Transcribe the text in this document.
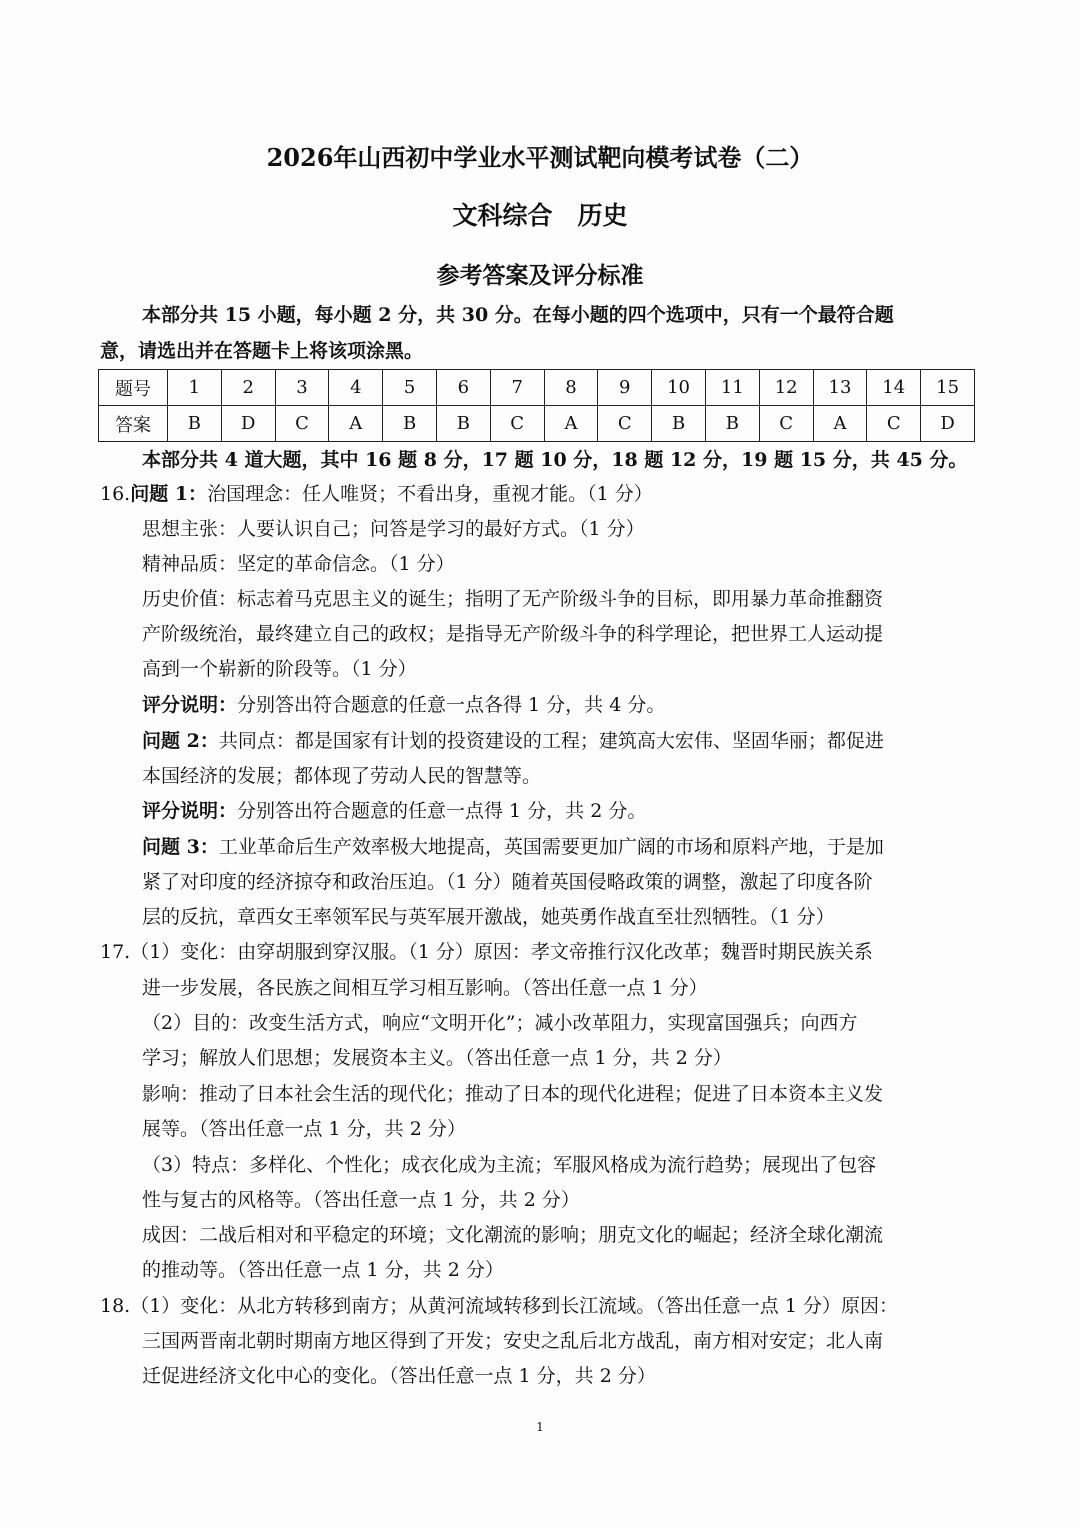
2026年山西初中学业水平测试靶向模考试卷（二）
文科综合　历史
参考答案及评分标准
本部分共 15 小题，每小题 2 分，共 30 分。在每小题的四个选项中，只有一个最符合题
意，请选出并在答题卡上将该项涂黑。
题号	1	2	3	4	5	6	7	8	9	10	11	12	13	14	15
答案	B	D	C	A	B	B	C	A	C	B	B	C	A	C	D
本部分共 4 道大题，其中 16 题 8 分，17 题 10 分，18 题 12 分，19 题 15 分，共 45 分。
16.问题 1：治国理念：任人唯贤；不看出身，重视才能。（1 分）
思想主张：人要认识自己；问答是学习的最好方式。（1 分）
精神品质：坚定的革命信念。（1 分）
历史价值：标志着马克思主义的诞生；指明了无产阶级斗争的目标，即用暴力革命推翻资
产阶级统治，最终建立自己的政权；是指导无产阶级斗争的科学理论，把世界工人运动提
高到一个崭新的阶段等。（1 分）
评分说明：分别答出符合题意的任意一点各得 1 分，共 4 分。
问题 2：共同点：都是国家有计划的投资建设的工程；建筑高大宏伟、坚固华丽；都促进
本国经济的发展；都体现了劳动人民的智慧等。
评分说明：分别答出符合题意的任意一点得 1 分，共 2 分。
问题 3：工业革命后生产效率极大地提高，英国需要更加广阔的市场和原料产地，于是加
紧了对印度的经济掠夺和政治压迫。（1 分）随着英国侵略政策的调整，激起了印度各阶
层的反抗，章西女王率领军民与英军展开激战，她英勇作战直至壮烈牺牲。（1 分）
17.（1）变化：由穿胡服到穿汉服。（1 分）原因：孝文帝推行汉化改革；魏晋时期民族关系
进一步发展，各民族之间相互学习相互影响。（答出任意一点 1 分）
（2）目的：改变生活方式，响应“文明开化”；减小改革阻力，实现富国强兵；向西方
学习；解放人们思想；发展资本主义。（答出任意一点 1 分，共 2 分）
影响：推动了日本社会生活的现代化；推动了日本的现代化进程；促进了日本资本主义发
展等。（答出任意一点 1 分，共 2 分）
（3）特点：多样化、个性化；成衣化成为主流；军服风格成为流行趋势；展现出了包容
性与复古的风格等。（答出任意一点 1 分，共 2 分）
成因：二战后相对和平稳定的环境；文化潮流的影响；朋克文化的崛起；经济全球化潮流
的推动等。（答出任意一点 1 分，共 2 分）
18.（1）变化：从北方转移到南方；从黄河流域转移到长江流域。（答出任意一点 1 分）原因：
三国两晋南北朝时期南方地区得到了开发；安史之乱后北方战乱，南方相对安定；北人南
迁促进经济文化中心的变化。（答出任意一点 1 分，共 2 分）
1
